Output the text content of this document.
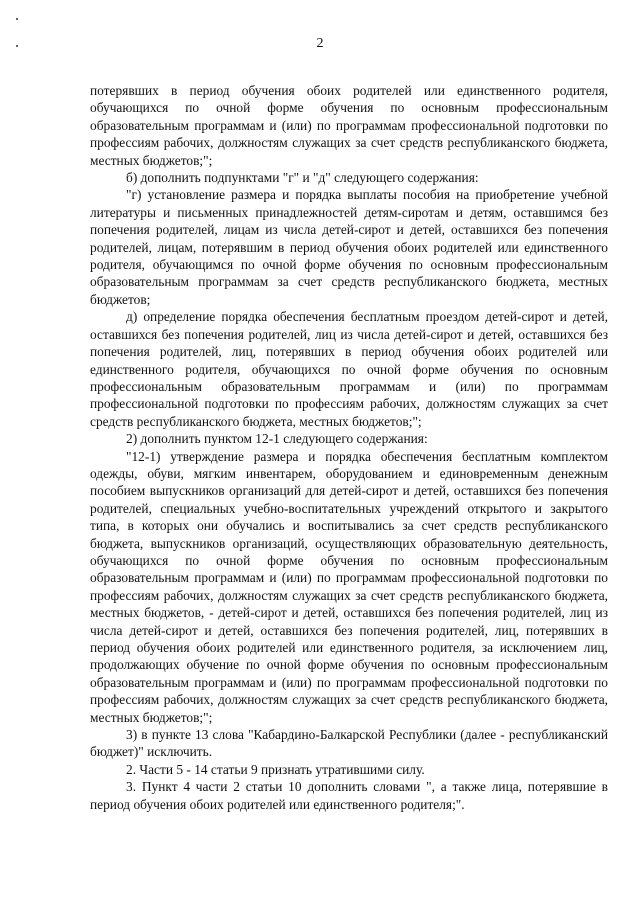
2

потерявших в период обучения обоих родителей или единственного родителя, обучающихся по очной форме обучения по основным профессиональным образовательным программам и (или) по программам профессиональной подготовки по профессиям рабочих, должностям служащих за счет средств республиканского бюджета, местных бюджетов;";

б) дополнить подпунктами "г" и "д" следующего содержания:

"г) установление размера и порядка выплаты пособия на приобретение учебной литературы и письменных принадлежностей детям-сиротам и детям, оставшимся без попечения родителей, лицам из числа детей-сирот и детей, оставшихся без попечения родителей, лицам, потерявшим в период обучения обоих родителей или единственного родителя, обучающимся по очной форме обучения по основным профессиональным образовательным программам за счет средств республиканского бюджета, местных бюджетов;

д) определение порядка обеспечения бесплатным проездом детей-сирот и детей, оставшихся без попечения родителей, лиц из числа детей-сирот и детей, оставшихся без попечения родителей, лиц, потерявших в период обучения обоих родителей или единственного родителя, обучающихся по очной форме обучения по основным профессиональным образовательным программам и (или) по программам профессиональной подготовки по профессиям рабочих, должностям служащих за счет средств республиканского бюджета, местных бюджетов;";

2) дополнить пунктом 12-1 следующего содержания:

"12-1) утверждение размера и порядка обеспечения бесплатным комплектом одежды, обуви, мягким инвентарем, оборудованием и единовременным денежным пособием выпускников организаций для детей-сирот и детей, оставшихся без попечения родителей, специальных учебно-воспитательных учреждений открытого и закрытого типа, в которых они обучались и воспитывались за счет средств республиканского бюджета, выпускников организаций, осуществляющих образовательную деятельность, обучающихся по очной форме обучения по основным профессиональным образовательным программам и (или) по программам профессиональной подготовки по профессиям рабочих, должностям служащих за счет средств республиканского бюджета, местных бюджетов, - детей-сирот и детей, оставшихся без попечения родителей, лиц из числа детей-сирот и детей, оставшихся без попечения родителей, лиц, потерявших в период обучения обоих родителей или единственного родителя, за исключением лиц, продолжающих обучение по очной форме обучения по основным профессиональным образовательным программам и (или) по программам профессиональной подготовки по профессиям рабочих, должностям служащих за счет средств республиканского бюджета, местных бюджетов;";

3) в пункте 13 слова "Кабардино-Балкарской Республики (далее - республиканский бюджет)" исключить.

2. Части 5 - 14 статьи 9 признать утратившими силу.

3. Пункт 4 части 2 статьи 10 дополнить словами ", а также лица, потерявшие в период обучения обоих родителей или единственного родителя;".
